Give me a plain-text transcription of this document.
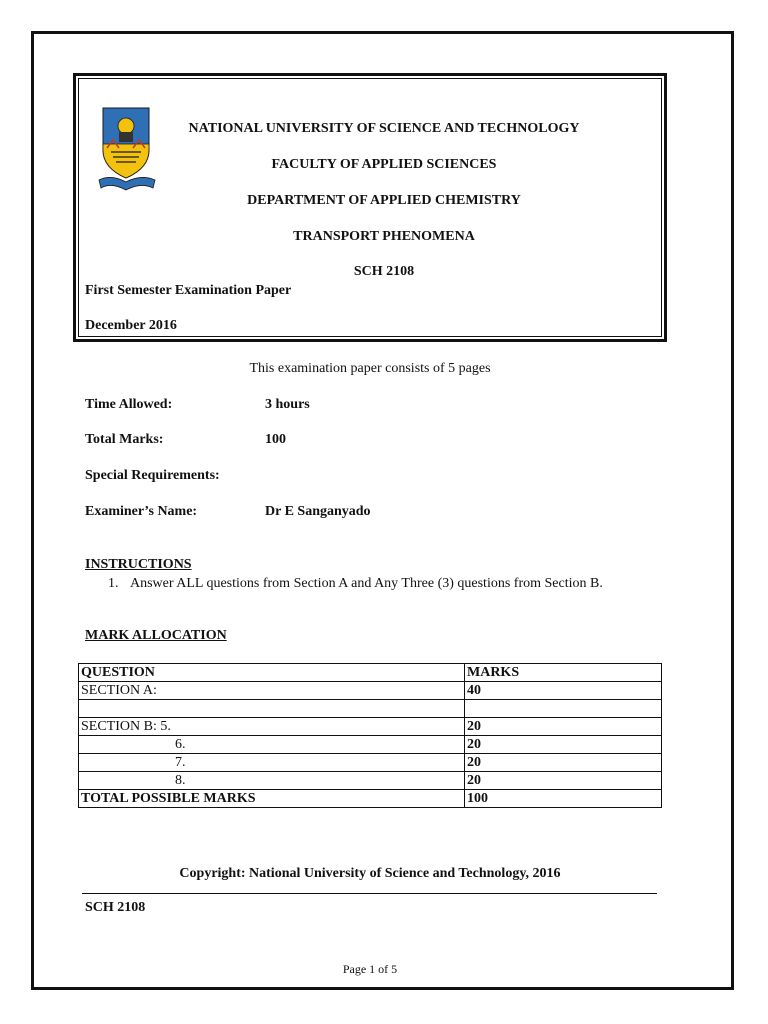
NATIONAL UNIVERSITY OF SCIENCE AND TECHNOLOGY
FACULTY OF APPLIED SCIENCES
DEPARTMENT OF APPLIED CHEMISTRY
TRANSPORT PHENOMENA
SCH 2108
First Semester Examination Paper
December 2016
This examination paper consists of 5 pages
Time Allowed:	3 hours
Total Marks:	100
Special Requirements:
Examiner’s Name:	Dr E Sanganyado
INSTRUCTIONS
1. Answer ALL questions from Section A and Any Three (3) questions from Section B.
MARK ALLOCATION
QUESTION	MARKS
SECTION A:	40

SECTION B: 5.	20
6.	20
7.	20
8.	20
TOTAL POSSIBLE MARKS	100
Copyright: National University of Science and Technology, 2016
SCH 2108
Page 1 of 5
